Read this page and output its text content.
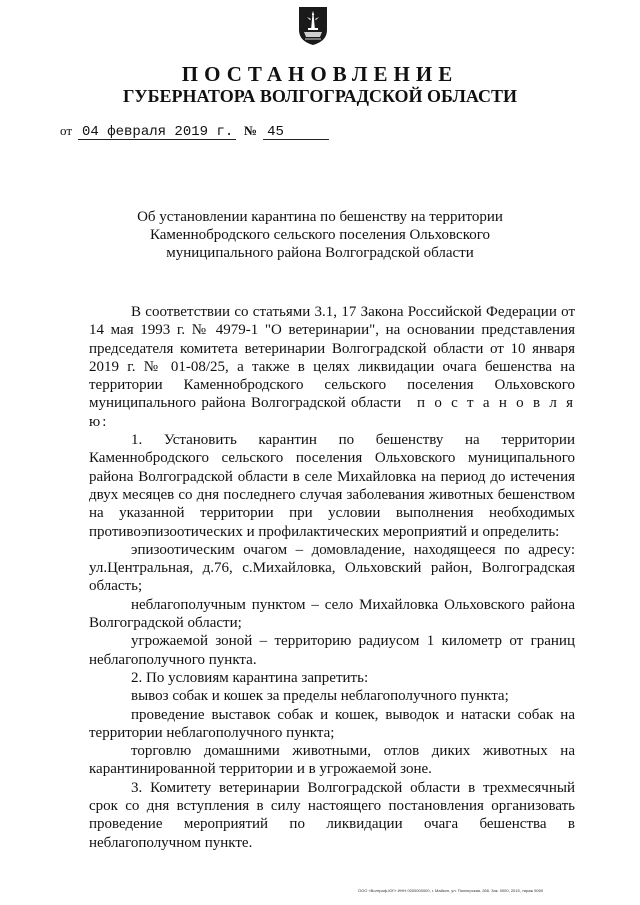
ПОСТАНОВЛЕНИЕ
ГУБЕРНАТОРА ВОЛГОГРАДСКОЙ ОБЛАСТИ
от 04 февраля 2019 г. № 45
Об установлении карантина по бешенству на территории
Каменнобродского сельского поселения Ольховского
муниципального района Волгоградской области

В соответствии со статьями 3.1, 17 Закона Российской Федерации от 14 мая 1993 г. № 4979-1 "О ветеринарии", на основании представления председателя комитета ветеринарии Волгоградской области от 10 января 2019 г. № 01-08/25, а также в целях ликвидации очага бешенства на территории Каменнобродского сельского поселения Ольховского муниципального района Волгоградской области п о с т а н о в л я ю:

1. Установить карантин по бешенству на территории Каменнобродского сельского поселения Ольховского муниципального района Волгоградской области в селе Михайловка на период до истечения двух месяцев со дня последнего случая заболевания животных бешенством на указанной территории при условии выполнения необходимых противоэпизоотических и профилактических мероприятий и определить:

эпизоотическим очагом – домовладение, находящееся по адресу: ул.Центральная, д.76, с.Михайловка, Ольховский район, Волгоградская область;

неблагополучным пунктом – село Михайловка Ольховского района Волгоградской области;

угрожаемой зоной – территорию радиусом 1 километр от границ неблагополучного пункта.

2. По условиям карантина запретить:

вывоз собак и кошек за пределы неблагополучного пункта;

проведение выставок собак и кошек, выводок и натаски собак на территории неблагополучного пункта;

торговлю домашними животными, отлов диких животных на карантинированной территории и в угрожаемой зоне.

3. Комитету ветеринарии Волгоградской области в трехмесячный срок со дня вступления в силу настоящего постановления организовать проведение мероприятий по ликвидации очага бешенства в неблагополучном пункте.

ООО «Волграф-ЮГ» ИНН 0000000000, г. Майкоп, ул. Пионерская, 268. Зак. 0000, 2015, тираж 5000
